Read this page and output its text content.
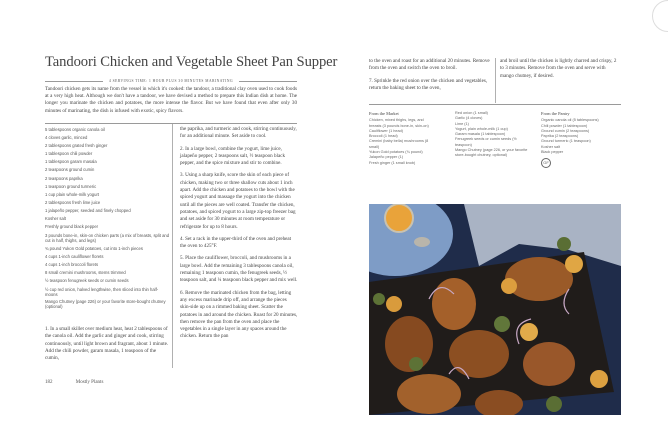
Tandoori Chicken and Vegetable Sheet Pan Supper
4 SERVINGS TIME: 1 HOUR PLUS 30 MINUTES MARINATING
Tandoori chicken gets its name from the vessel in which it's cooked: the tandoor, a traditional clay oven used to cook foods at a very high heat. Although we don't have a tandoor, we have devised a method to prepare this Indian dish at home. The longer you marinate the chicken and potatoes, the more intense the flavor. But we have found that even after only 30 minutes of marinating, the dish is infused with exotic, spicy flavors.
5 tablespoons organic canola oil
4 cloves garlic, minced
2 tablespoons grated fresh ginger
1 tablespoon chili powder
1 tablespoon garam masala
2 teaspoons ground cumin
2 teaspoons paprika
1 teaspoon ground turmeric
1 cup plain whole-milk yogurt
2 tablespoons fresh lime juice
1 jalapeño pepper, seeded and finely chopped
Kosher salt
Freshly ground black pepper
3 pounds bone-in, skin-on chicken parts (a mix of breasts, split and cut in half, thighs, and legs)
¾ pound Yukon Gold potatoes, cut into 1-inch pieces
4 cups 1-inch cauliflower florets
4 cups 1-inch broccoli florets
8 small cremini mushrooms, stems trimmed
½ teaspoon fenugreek seeds or cumin seeds
½ cup red onion, halved lengthwise, then sliced into thin half-moons
Mango Chutney (page 226) or your favorite store-bought chutney (optional)
1. In a small skillet over medium heat, heat 2 tablespoons of the canola oil. Add the garlic and ginger and cook, stirring continuously, until light brown and fragrant, about 1 minute. Add the chili powder, garam masala, 1 teaspoon of the cumin,
the paprika, and turmeric and cook, stirring continuously, for an additional minute. Set aside to cool.
2. In a large bowl, combine the yogurt, lime juice, jalapeño pepper, 2 teaspoons salt, ½ teaspoon black pepper, and the spice mixture and stir to combine.
3. Using a sharp knife, score the skin of each piece of chicken, making two or three shallow cuts about 1 inch apart. Add the chicken and potatoes to the bowl with the spiced yogurt and massage the yogurt into the chicken until all the pieces are well coated. Transfer the chicken, potatoes, and spiced yogurt to a large zip-top freezer bag and set aside for 30 minutes at room temperature or refrigerate for up to 8 hours.
4. Set a rack in the upper-third of the oven and preheat the oven to 425°F.
5. Place the cauliflower, broccoli, and mushrooms in a large bowl. Add the remaining 3 tablespoons canola oil, remaining 1 teaspoon cumin, the fenugreek seeds, ½ teaspoon salt, and ¼ teaspoon black pepper and mix well.
6. Remove the marinated chicken from the bag, letting any excess marinade drip off, and arrange the pieces skin-side up on a rimmed baking sheet. Scatter the potatoes in and around the chicken. Roast for 20 minutes, then remove the pan from the oven and place the vegetables in a single layer in any spaces around the chicken. Return the pan
182	Mostly Plants
to the oven and roast for an additional 20 minutes. Remove from the oven and switch the oven to broil.
7. Sprinkle the red onion over the chicken and vegetables, return the baking sheet to the oven,
and broil until the chicken is lightly charred and crispy, 2 to 3 minutes. Remove from the oven and serve with mango chutney, if desired.
From the Market
Chicken, mixed thighs, legs, and breasts (3 pounds bone-in, skin-on)
Cauliflower (1 head)
Broccoli (1 head)
Cremini (baby bella) mushrooms (8 small)
Yukon Gold potatoes (¾ pound)
Jalapeño pepper (1)
Fresh ginger (1 small knob)
Red onion (1 small)
Garlic (4 cloves)
Lime (1)
Yogurt, plain whole-milk (1 cup)
Garam masala (1 tablespoon)
Fenugreek seeds or cumin seeds (½ teaspoon)
Mango Chutney (page 226, or your favorite store-bought chutney, optional)
From the Pantry
Organic canola oil (5 tablespoons)
Chili powder (1 tablespoon)
Ground cumin (2 teaspoons)
Paprika (2 teaspoons)
Ground turmeric (1 teaspoon)
Kosher salt
Black pepper
GF
